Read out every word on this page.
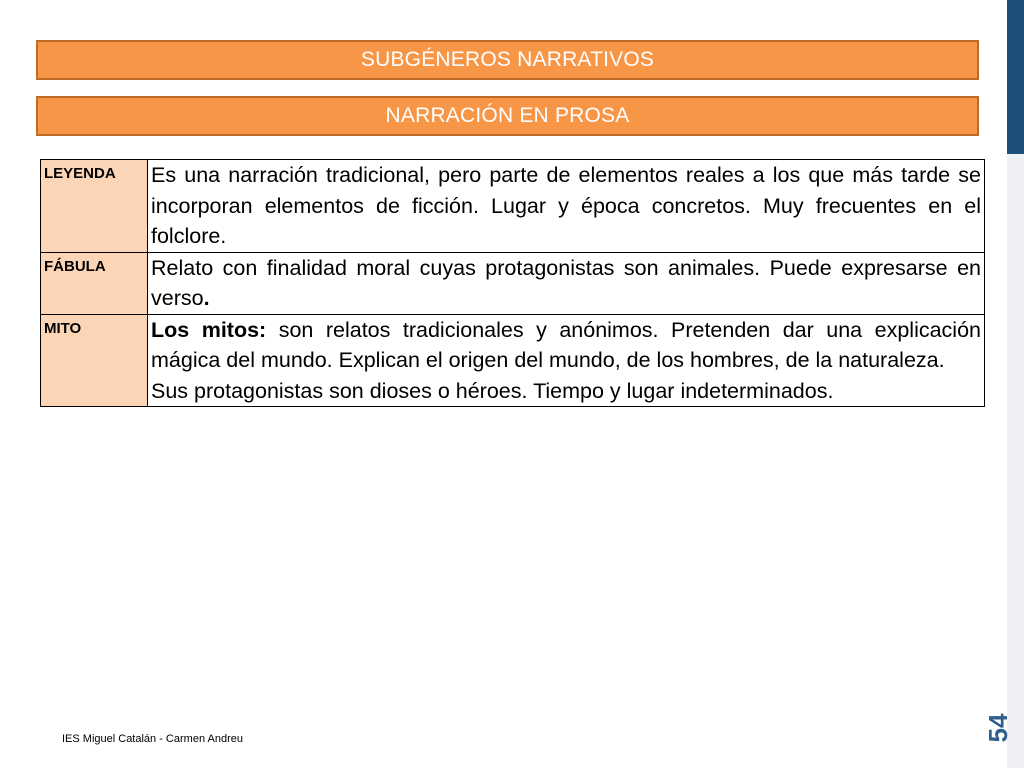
SUBGÉNEROS NARRATIVOS
NARRACIÓN EN PROSA
LEYENDA	Es una narración tradicional, pero parte de elementos reales a los que más tarde se incorporan elementos de ficción. Lugar y época concretos. Muy frecuentes en el folclore.

FÁBULA	Relato con finalidad moral cuyas protagonistas son animales. Puede expresarse en verso.

MITO	Los mitos: son relatos tradicionales y anónimos. Pretenden dar una explicación mágica del mundo. Explican el origen del mundo, de los hombres, de la naturaleza.

Sus protagonistas son dioses o héroes. Tiempo y lugar indeterminados.

IES Miguel Catalán - Carmen Andreu	54
